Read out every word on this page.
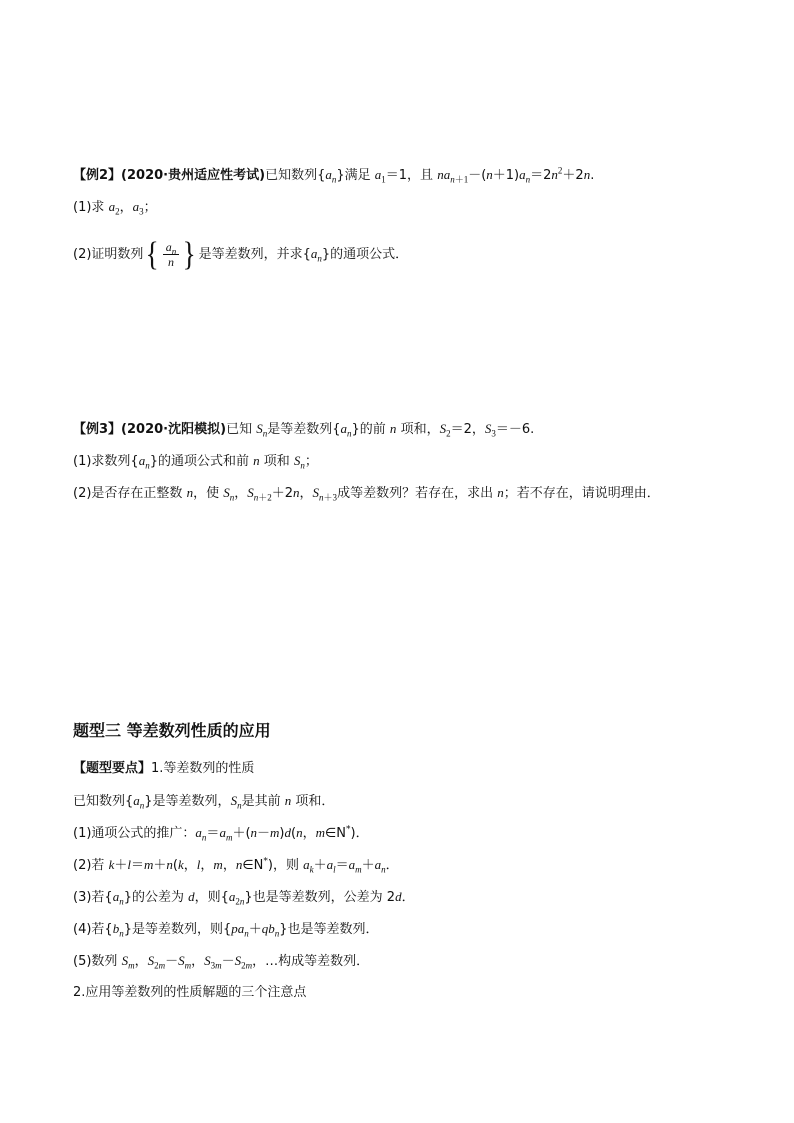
【例2】(2020·贵州适应性考试)已知数列$\{a_n\}$满足 $a_1=1$，且 $na_{n+1}-(n+1)a_n=2n^2+2n$.
(1)求 $a_2$，$a_3$；
(2)证明数列 { $\frac{a_n}{n}$ } 是等差数列，并求$\{a_n\}$的通项公式．
【例3】(2020·沈阳模拟)已知 $S_n$是等差数列$\{a_n\}$的前 n 项和，$S_2=2$，$S_3=-6$.
(1)求数列$\{a_n\}$的通项公式和前 n 项和 $S_n$；
(2)是否存在正整数 n，使 $S_n$，$S_{n+2}+2n$，$S_{n+3}$成等差数列？若存在，求出 n；若不存在，请说明理由．
题型三 等差数列性质的应用
【题型要点】1.等差数列的性质
已知数列$\{a_n\}$是等差数列，$S_n$是其前 n 项和．
(1)通项公式的推广：$a_n=a_m+(n-m)d(n$，m∈N*)．
(2)若 k＋l＝m＋n(k，l，m，n∈N*)，则 $a_k+a_l=a_m+a_n$．
(3)若$\{a_n\}$的公差为 d，则$\{a_{2n}\}$也是等差数列，公差为 2d．
(4)若$\{b_n\}$是等差数列，则$\{pa_n+qb_n\}$也是等差数列．
(5)数列 $S_m$，$S_{2m}-S_m$，$S_{3m}-S_{2m}$，…构成等差数列．
2.应用等差数列的性质解题的三个注意点
